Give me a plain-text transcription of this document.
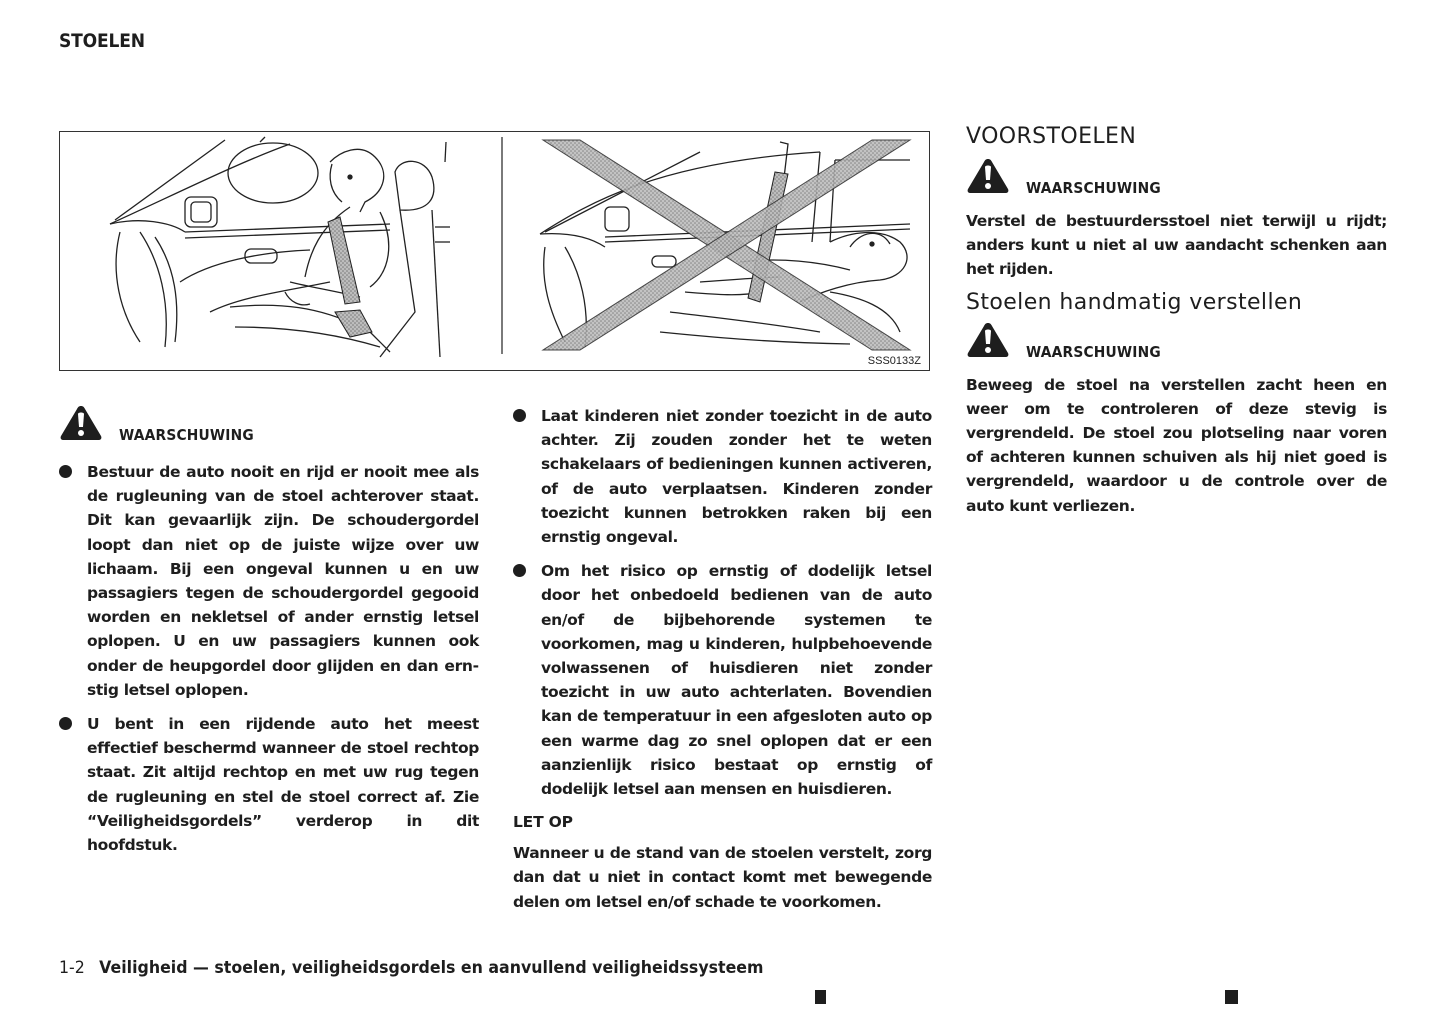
STOELEN
SSS0133Z
WAARSCHUWING
Bestuur de auto nooit en rijd er nooit mee als de rugleuning van de stoel achterover staat. Dit kan gevaarlijk zijn. De schoudergordel loopt dan niet op de juiste wijze over uw lichaam. Bij een ongeval kunnen u en uw passagiers tegen de schoudergordel gegooid worden en nekletsel of ander ernstig letsel oplopen. U en uw passagiers kunnen ook onder de heupgordel door glijden en dan ernstig letsel oplopen.
U bent in een rijdende auto het meest effectief beschermd wanneer de stoel rechtop staat. Zit altijd rechtop en met uw rug tegen de rugleuning en stel de stoel correct af. Zie “Veiligheidsgordels” verderop in dit hoofdstuk.
Laat kinderen niet zonder toezicht in de auto achter. Zij zouden zonder het te weten schakelaars of bedieningen kunnen activeren, of de auto verplaatsen. Kinderen zonder toezicht kunnen betrokken raken bij een ernstig ongeval.
Om het risico op ernstig of dodelijk letsel door het onbedoeld bedienen van de auto en/of de bijbehorende systemen te voorkomen, mag u kinderen, hulpbehoevende volwassenen of huisdieren niet zonder toezicht in uw auto achterlaten. Bovendien kan de temperatuur in een afgesloten auto op een warme dag zo snel oplopen dat er een aanzienlijk risico bestaat op ernstig of dodelijk letsel aan mensen en huisdieren.
LET OP
Wanneer u de stand van de stoelen verstelt, zorg dan dat u niet in contact komt met bewegende delen om letsel en/of schade te voorkomen.
VOORSTOELEN
WAARSCHUWING
Verstel de bestuurdersstoel niet terwijl u rijdt; anders kunt u niet al uw aandacht schenken aan het rijden.
Stoelen handmatig verstellen
WAARSCHUWING
Beweeg de stoel na verstellen zacht heen en weer om te controleren of deze stevig is vergrendeld. De stoel zou plotseling naar voren of achteren kunnen schuiven als hij niet goed is vergrendeld, waardoor u de controle over de auto kunt verliezen.
1-2 Veiligheid — stoelen, veiligheidsgordels en aanvullend veiligheidssysteem
